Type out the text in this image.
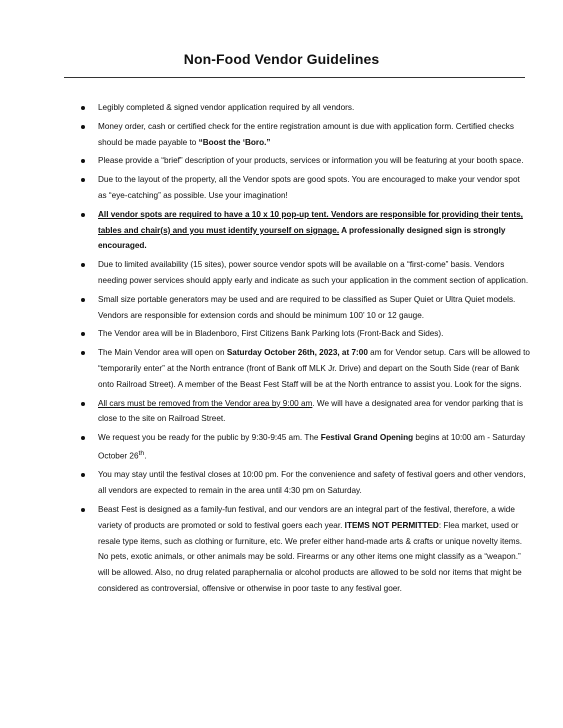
Non-Food Vendor Guidelines
Legibly completed & signed vendor application required by all vendors.
Money order, cash or certified check for the entire registration amount is due with application form. Certified checks should be made payable to “Boost the ‘Boro.”
Please provide a “brief” description of your products, services or information you will be featuring at your booth space.
Due to the layout of the property, all the Vendor spots are good spots. You are encouraged to make your vendor spot as “eye-catching” as possible. Use your imagination!
All vendor spots are required to have a 10 x 10 pop-up tent. Vendors are responsible for providing their tents, tables and chair(s) and you must identify yourself on signage. A professionally designed sign is strongly encouraged.
Due to limited availability (15 sites), power source vendor spots will be available on a “first-come” basis. Vendors needing power services should apply early and indicate as such your application in the comment section of application.
Small size portable generators may be used and are required to be classified as Super Quiet or Ultra Quiet models. Vendors are responsible for extension cords and should be minimum 100’ 10 or 12 gauge.
The Vendor area will be in Bladenboro, First Citizens Bank Parking lots (Front-Back and Sides).
The Main Vendor area will open on Saturday October 26th, 2023, at 7:00 am for Vendor setup. Cars will be allowed to “temporarily enter” at the North entrance (front of Bank off MLK Jr. Drive) and depart on the South Side (rear of Bank onto Railroad Street). A member of the Beast Fest Staff will be at the North entrance to assist you. Look for the signs.
All cars must be removed from the Vendor area by 9:00 am. We will have a designated area for vendor parking that is close to the site on Railroad Street.
We request you be ready for the public by 9:30-9:45 am. The Festival Grand Opening begins at 10:00 am - Saturday October 26th.
You may stay until the festival closes at 10:00 pm. For the convenience and safety of festival goers and other vendors, all vendors are expected to remain in the area until 4:30 pm on Saturday.
Beast Fest is designed as a family-fun festival, and our vendors are an integral part of the festival, therefore, a wide variety of products are promoted or sold to festival goers each year. ITEMS NOT PERMITTED: Flea market, used or resale type items, such as clothing or furniture, etc. We prefer either hand-made arts & crafts or unique novelty items. No pets, exotic animals, or other animals may be sold. Firearms or any other items one might classify as a “weapon.” will be allowed. Also, no drug related paraphernalia or alcohol products are allowed to be sold nor items that might be considered as controversial, offensive or otherwise in poor taste to any festival goer.
